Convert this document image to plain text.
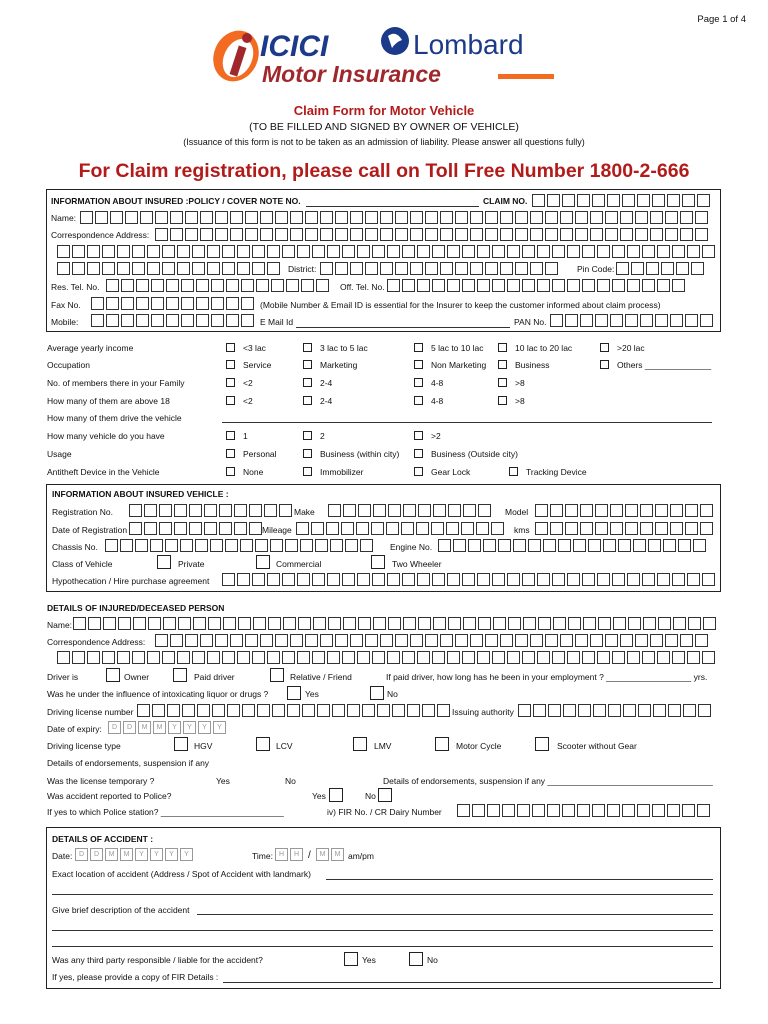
Page 1 of 4
ICICI	Lombard
Motor Insurance
Claim Form for Motor Vehicle
(TO BE FILLED AND SIGNED BY OWNER OF VEHICLE)
(Issuance of this form is not to be taken as an admission of liability. Please answer all questions fully)
For Claim registration, please call on Toll Free Number 1800-2-666
INFORMATION ABOUT INSURED :POLICY / COVER NOTE NO.	CLAIM NO.
Name:
Correspondence Address:
District:	Pin Code:
Res. Tel. No.	Off. Tel. No.
Fax No.	(Mobile Number & Email ID is essential for the Insurer to keep the customer informed about claim process)
Mobile:	E Mail Id	PAN No.
Average yearly income	<3 lac	3 lac to 5 lac	5 lac to 10 lac	10 lac to 20 lac	>20 lac
Occupation	Service	Marketing	Non Marketing	Business	Others ______________
No. of members there in your Family	<2	2-4	4-8	>8
How many of them are above 18	<2	2-4	4-8	>8
How many of them drive the vehicle
How many vehicle do you have	1	2	>2
Usage	Personal	Business (within city)	Business (Outside city)
Antitheft Device in the Vehicle	None	Immobilizer	Gear Lock	Tracking Device
INFORMATION ABOUT INSURED VEHICLE :
Registration No.	Make	Model
Date of Registration	Mileage	kms
Chassis No.	Engine No.
Class of Vehicle	Private	Commercial	Two Wheeler
Hypothecation / Hire purchase agreement
DETAILS OF INJURED/DECEASED PERSON
Name:
Correspondence Address:
Driver is	Owner	Paid driver	Relative / Friend	If paid driver, how long has he been in your employment ? __________________ yrs.
Was he under the influence of intoxicating liquor or drugs ?	Yes	No
Driving license number	Issuing authority
Date of expiry:	D	D	M	M	Y	Y	Y	Y
Driving license type	HGV	LCV	LMV	Motor Cycle	Scooter without Gear
Details of endorsements, suspension if any
Was the license temporary ?	Yes	No	Details of endorsements, suspension if any ___________________________________
Was accident reported to Police?	Yes	No
If yes to which Police station? __________________________	iv) FIR No. / CR Dairy Number
DETAILS OF ACCIDENT :
Date: D	D	M	M	Y	Y	Y	Y	Time: H	H /	M	M am/pm
Exact location of accident (Address / Spot of Accident with landmark)
Give brief description of the accident
Was any third party responsible / liable for the accident?	Yes	No
If yes, please provide a copy of FIR Details :
